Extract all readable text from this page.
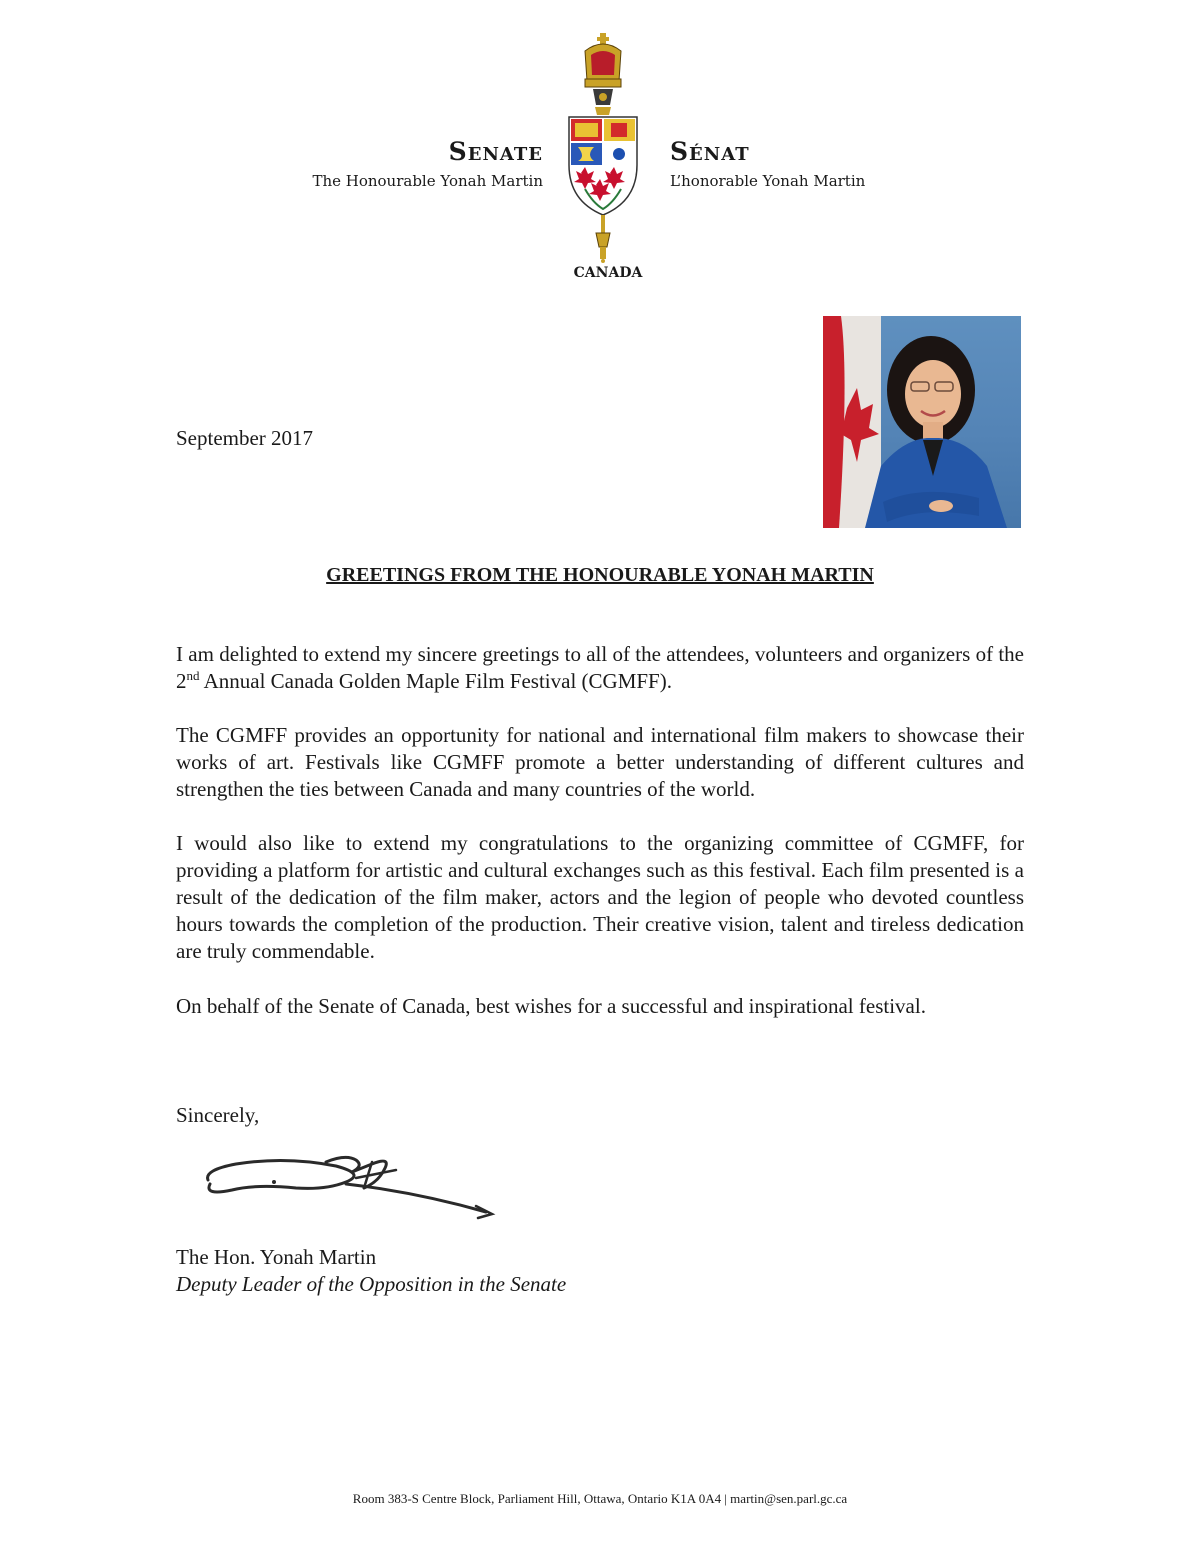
Senate
The Honourable Yonah Martin
CANADA
Sénat
L’honorable Yonah Martin
September 2017
GREETINGS FROM THE HONOURABLE YONAH MARTIN

I am delighted to extend my sincere greetings to all of the attendees, volunteers and organizers of the 2nd Annual Canada Golden Maple Film Festival (CGMFF).

The CGMFF provides an opportunity for national and international film makers to showcase their works of art. Festivals like CGMFF promote a better understanding of different cultures and strengthen the ties between Canada and many countries of the world.

I would also like to extend my congratulations to the organizing committee of CGMFF, for providing a platform for artistic and cultural exchanges such as this festival. Each film presented is a result of the dedication of the film maker, actors and the legion of people who devoted countless hours towards the completion of the production. Their creative vision, talent and tireless dedication are truly commendable.

On behalf of the Senate of Canada, best wishes for a successful and inspirational festival.

Sincerely,
The Hon. Yonah Martin
Deputy Leader of the Opposition in the Senate
Room 383-S Centre Block, Parliament Hill, Ottawa, Ontario K1A 0A4 | martin@sen.parl.gc.ca
